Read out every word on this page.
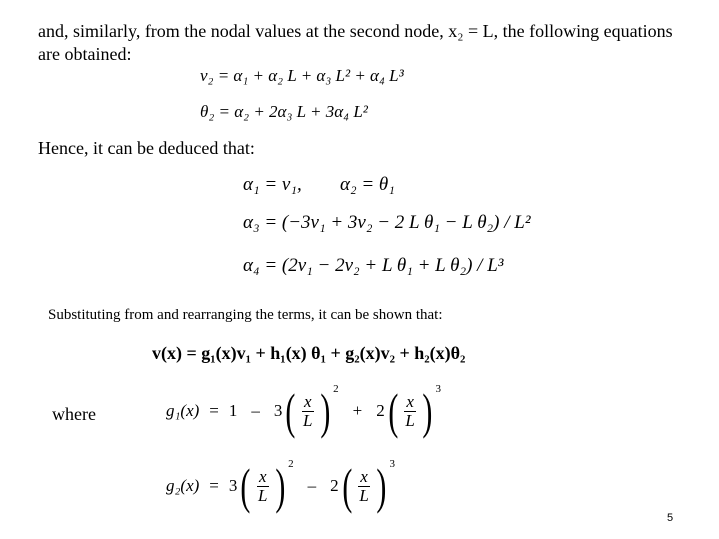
and, similarly, from the nodal values at the second node, x₂ = L, the following equations
are obtained:
v₂ = α₁ + α₂ L + α₃ L² + α₄ L³
θ₂ = α₂ + 2α₃ L + 3α₄ L²
Hence, it can be deduced that:
α₁ = v₁, α₂ = θ₁
α₃ = (−3v₁ + 3v₂ − 2 L θ₁ − L θ₂) / L²
α₄ = (2v₁ − 2v₂ + L θ₁ + L θ₂) / L³
Substituting from and rearranging the terms, it can be shown that:
v(x) = g₁(x)v₁ + h₁(x) θ₁ + g₂(x)v₂ + h₂(x)θ₂
where	g₁(x) = 1 – 3 ( $\frac{x}{L}$ ) 2
+ 2 ( $\frac{x}{L}$ ) 3
g₂(x) = 3 ( $\frac{x}{L}$ ) 2
– 2 ( $\frac{x}{L}$ ) 3
5
